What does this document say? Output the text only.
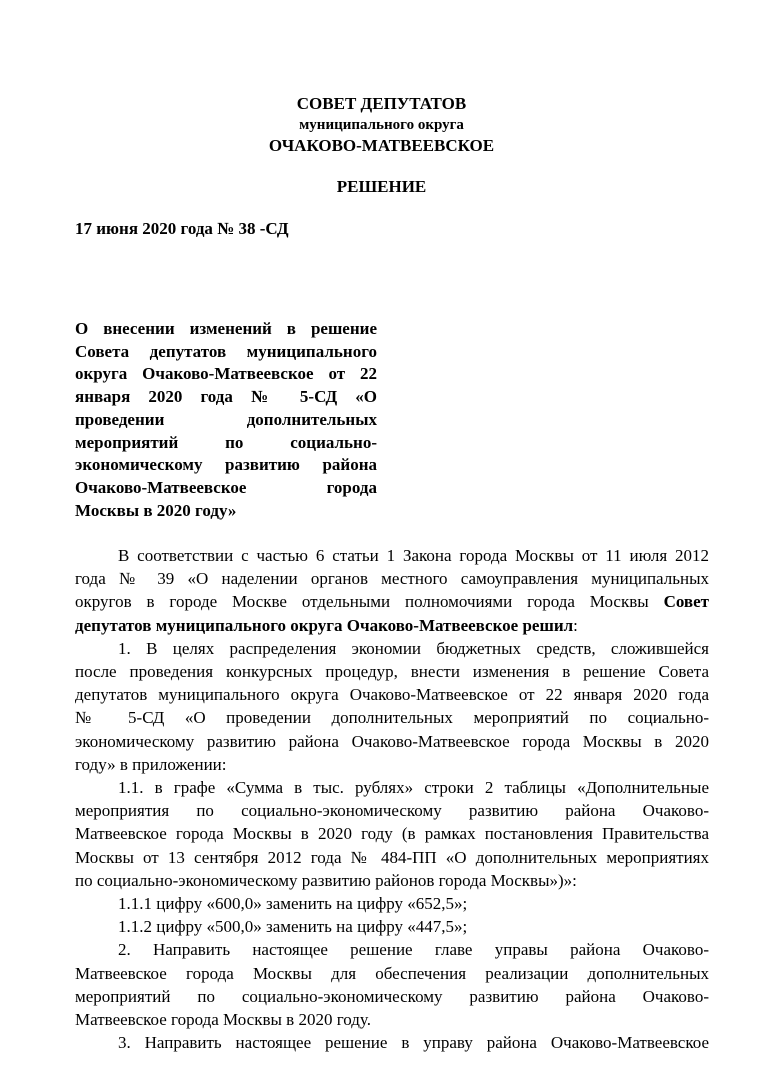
СОВЕТ ДЕПУТАТОВ
муниципального округа
ОЧАКОВО-МАТВЕЕВСКОЕ
РЕШЕНИЕ
17 июня 2020 года № 38 -СД
О внесении изменений в решение
Совета депутатов муниципального
округа Очаково-Матвеевское от 22
января 2020 года № 5-СД «О
проведении дополнительных
мероприятий по социально-
экономическому развитию района
Очаково-Матвеевское города
Москвы в 2020 году»
В соответствии с частью 6 статьи 1 Закона города Москвы от 11 июля 2012
года № 39 «О наделении органов местного самоуправления муниципальных
округов в городе Москве отдельными полномочиями города Москвы Совет
депутатов муниципального округа Очаково-Матвеевское решил:
1. В целях распределения экономии бюджетных средств, сложившейся
после проведения конкурсных процедур, внести изменения в решение Совета
депутатов муниципального округа Очаково-Матвеевское от 22 января 2020 года
№ 5-СД «О проведении дополнительных мероприятий по социально-
экономическому развитию района Очаково-Матвеевское города Москвы в 2020
году» в приложении:
1.1. в графе «Сумма в тыс. рублях» строки 2 таблицы «Дополнительные
мероприятия по социально-экономическому развитию района Очаково-
Матвеевское города Москвы в 2020 году (в рамках постановления Правительства
Москвы от 13 сентября 2012 года № 484-ПП «О дополнительных мероприятиях
по социально-экономическому развитию районов города Москвы»)»:
1.1.1 цифру «600,0» заменить на цифру «652,5»;
1.1.2 цифру «500,0» заменить на цифру «447,5»;
2. Направить настоящее решение главе управы района Очаково-
Матвеевское города Москвы для обеспечения реализации дополнительных
мероприятий по социально-экономическому развитию района Очаково-
Матвеевское города Москвы в 2020 году.
3. Направить настоящее решение в управу района Очаково-Матвеевское
